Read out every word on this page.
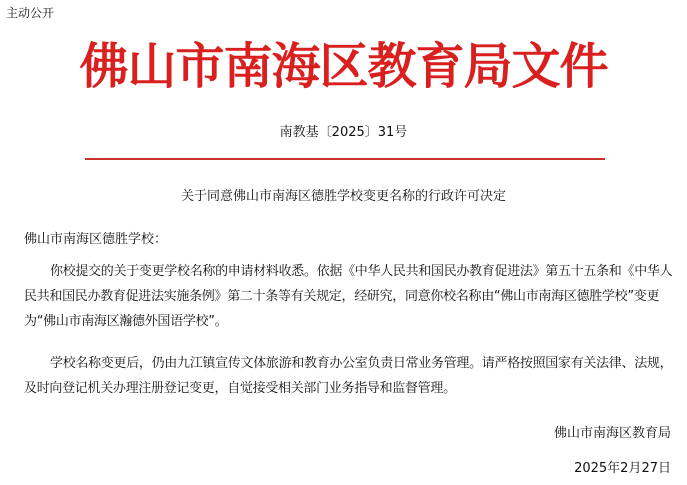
主动公开
佛山市南海区教育局文件
南教基〔2025〕31号
关于同意佛山市南海区德胜学校变更名称的行政许可决定
佛山市南海区德胜学校：

你校提交的关于变更学校名称的申请材料收悉。依据《中华人民共和国民办教育促进法》第五十五条和《中华人民共和国民办教育促进法实施条例》第二十条等有关规定，经研究，同意你校名称由“佛山市南海区德胜学校”变更为“佛山市南海区瀚德外国语学校”。

学校名称变更后，仍由九江镇宣传文体旅游和教育办公室负责日常业务管理。请严格按照国家有关法律、法规，及时向登记机关办理注册登记变更，自觉接受相关部门业务指导和监督管理。

佛山市南海区教育局
2025年2月27日
